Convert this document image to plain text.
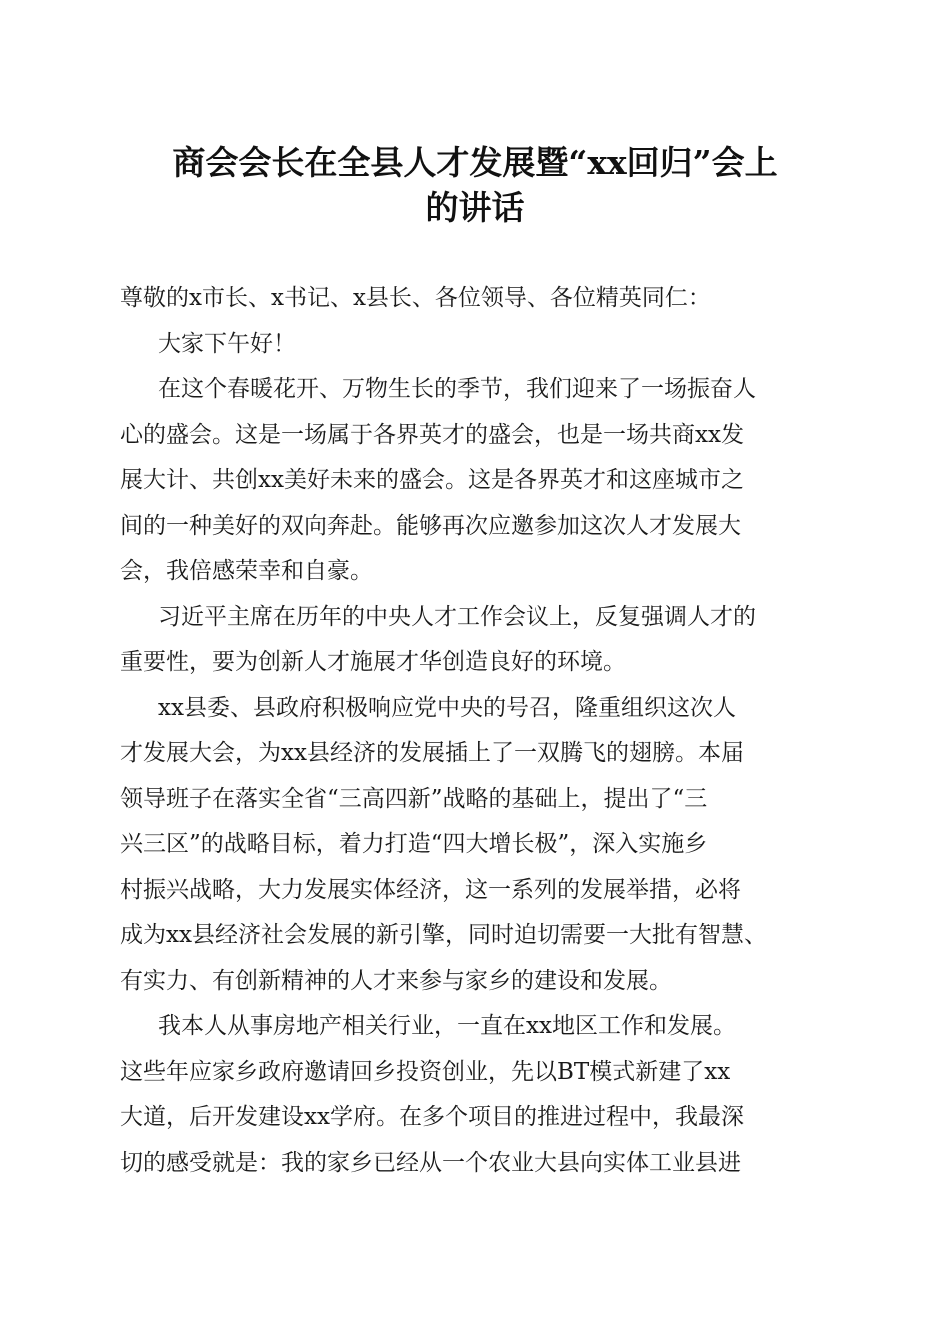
商会会长在全县人才发展暨“xx回归”会上
的讲话
尊敬的x市长、x书记、x县长、各位领导、各位精英同仁：
大家下午好！
在这个春暖花开、万物生长的季节，我们迎来了一场振奋人
心的盛会。这是一场属于各界英才的盛会，也是一场共商xx发
展大计、共创xx美好未来的盛会。这是各界英才和这座城市之
间的一种美好的双向奔赴。能够再次应邀参加这次人才发展大
会，我倍感荣幸和自豪。
习近平主席在历年的中央人才工作会议上，反复强调人才的
重要性，要为创新人才施展才华创造良好的环境。
xx县委、县政府积极响应党中央的号召，隆重组织这次人
才发展大会，为xx县经济的发展插上了一双腾飞的翅膀。本届
领导班子在落实全省“三高四新”战略的基础上，提出了“三
兴三区”的战略目标，着力打造“四大增长极”，深入实施乡
村振兴战略，大力发展实体经济，这一系列的发展举措，必将
成为xx县经济社会发展的新引擎，同时迫切需要一大批有智慧、
有实力、有创新精神的人才来参与家乡的建设和发展。
我本人从事房地产相关行业，一直在xx地区工作和发展。
这些年应家乡政府邀请回乡投资创业，先以BT模式新建了xx
大道，后开发建设xx学府。在多个项目的推进过程中，我最深
切的感受就是：我的家乡已经从一个农业大县向实体工业县进
